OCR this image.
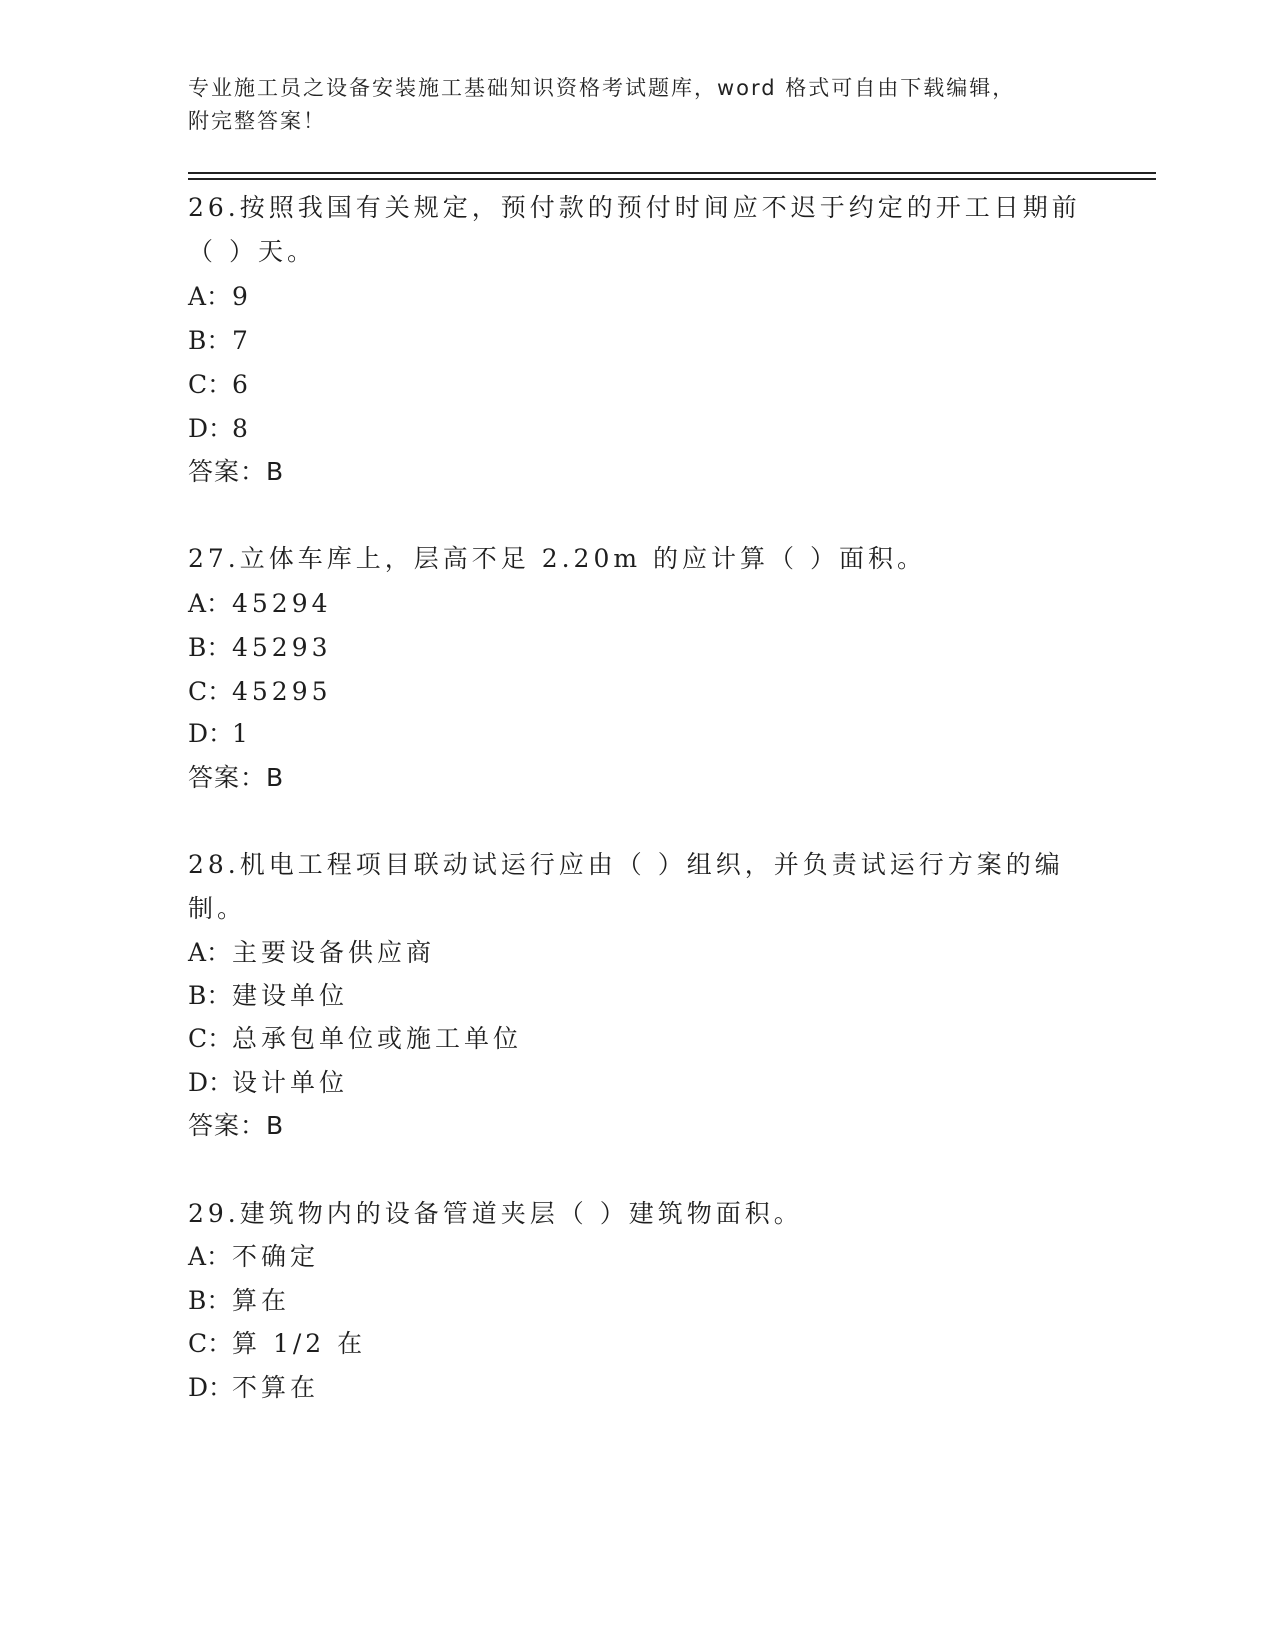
专业施工员之设备安装施工基础知识资格考试题库，word 格式可自由下载编辑，
附完整答案！
26.按照我国有关规定，预付款的预付时间应不迟于约定的开工日期前
（ ）天。
A：9
B：7
C：6
D：8
答案：B
27.立体车库上，层高不足 2.20m 的应计算（ ）面积。
A：45294
B：45293
C：45295
D：1
答案：B
28.机电工程项目联动试运行应由（ ）组织，并负责试运行方案的编
制。
A：主要设备供应商
B：建设单位
C：总承包单位或施工单位
D：设计单位
答案：B
29.建筑物内的设备管道夹层（ ）建筑物面积。
A：不确定
B：算在
C：算 1/2 在
D：不算在
